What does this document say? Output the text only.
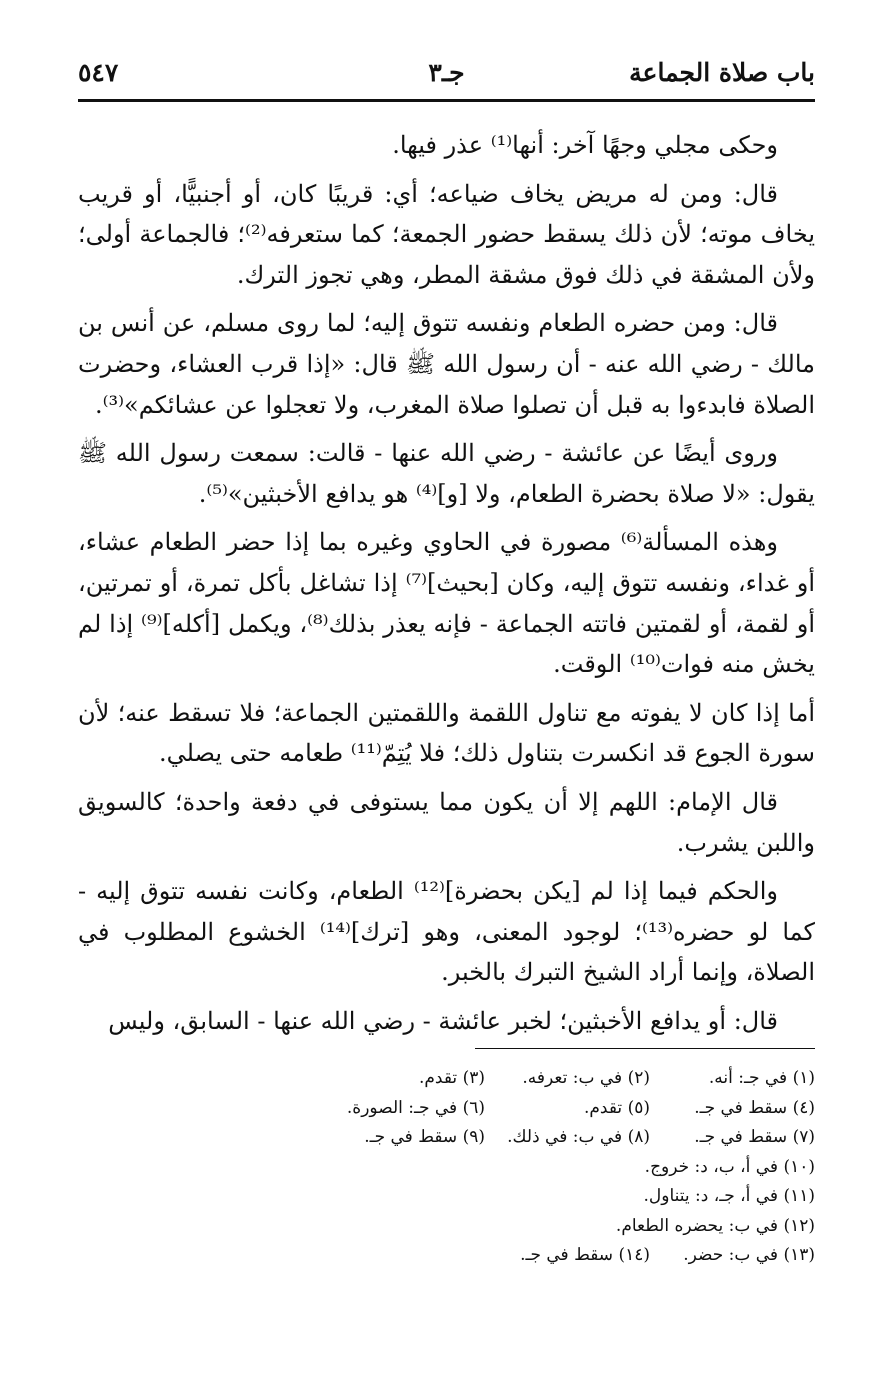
باب صلاة الجماعة
جـ٣
٥٤٧

وحكى مجلي وجهًا آخر: أنها⁽¹⁾ عذر فيها.

قال: ومن له مريض يخاف ضياعه؛ أي: قريبًا كان، أو أجنبيًّا، أو قريب يخاف موته؛ لأن ذلك يسقط حضور الجمعة؛ كما ستعرفه⁽²⁾؛ فالجماعة أولى؛ ولأن المشقة في ذلك فوق مشقة المطر، وهي تجوز الترك.

قال: ومن حضره الطعام ونفسه تتوق إليه؛ لما روى مسلم، عن أنس بن مالك - رضي الله عنه - أن رسول الله ﷺ قال: «إذا قرب العشاء، وحضرت الصلاة فابدءوا به قبل أن تصلوا صلاة المغرب، ولا تعجلوا عن عشائكم»⁽³⁾.

وروى أيضًا عن عائشة - رضي الله عنها - قالت: سمعت رسول الله ﷺ يقول: «لا صلاة بحضرة الطعام، ولا [و]⁽⁴⁾ هو يدافع الأخبثين»⁽⁵⁾.

وهذه المسألة⁽⁶⁾ مصورة في الحاوي وغيره بما إذا حضر الطعام عشاء، أو غداء، ونفسه تتوق إليه، وكان [بحيث]⁽⁷⁾ إذا تشاغل بأكل تمرة، أو تمرتين، أو لقمة، أو لقمتين فاتته الجماعة - فإنه يعذر بذلك⁽⁸⁾، ويكمل [أكله]⁽⁹⁾ إذا لم يخش منه فوات⁽¹⁰⁾ الوقت.

أما إذا كان لا يفوته مع تناول اللقمة واللقمتين الجماعة؛ فلا تسقط عنه؛ لأن سورة الجوع قد انكسرت بتناول ذلك؛ فلا يُتِمّ⁽¹¹⁾ طعامه حتى يصلي.

قال الإمام: اللهم إلا أن يكون مما يستوفى في دفعة واحدة؛ كالسويق واللبن يشرب.

والحكم فيما إذا لم [يكن بحضرة]⁽¹²⁾ الطعام، وكانت نفسه تتوق إليه - كما لو حضره⁽¹³⁾؛ لوجود المعنى، وهو [ترك]⁽¹⁴⁾ الخشوع المطلوب في الصلاة، وإنما أراد الشيخ التبرك بالخبر.

قال: أو يدافع الأخبثين؛ لخبر عائشة - رضي الله عنها - السابق، وليس

(١) في جـ: أنه.
(٢) في ب: تعرفه.
(٣) تقدم.
(٤) سقط في جـ.
(٥) تقدم.
(٦) في جـ: الصورة.
(٧) سقط في جـ.
(٨) في ب: في ذلك.
(٩) سقط في جـ.
(١٠) في أ، ب، د: خروج.
(١١) في أ، جـ، د: يتناول.
(١٢) في ب: يحضره الطعام.
(١٣) في ب: حضر.
(١٤) سقط في جـ.
